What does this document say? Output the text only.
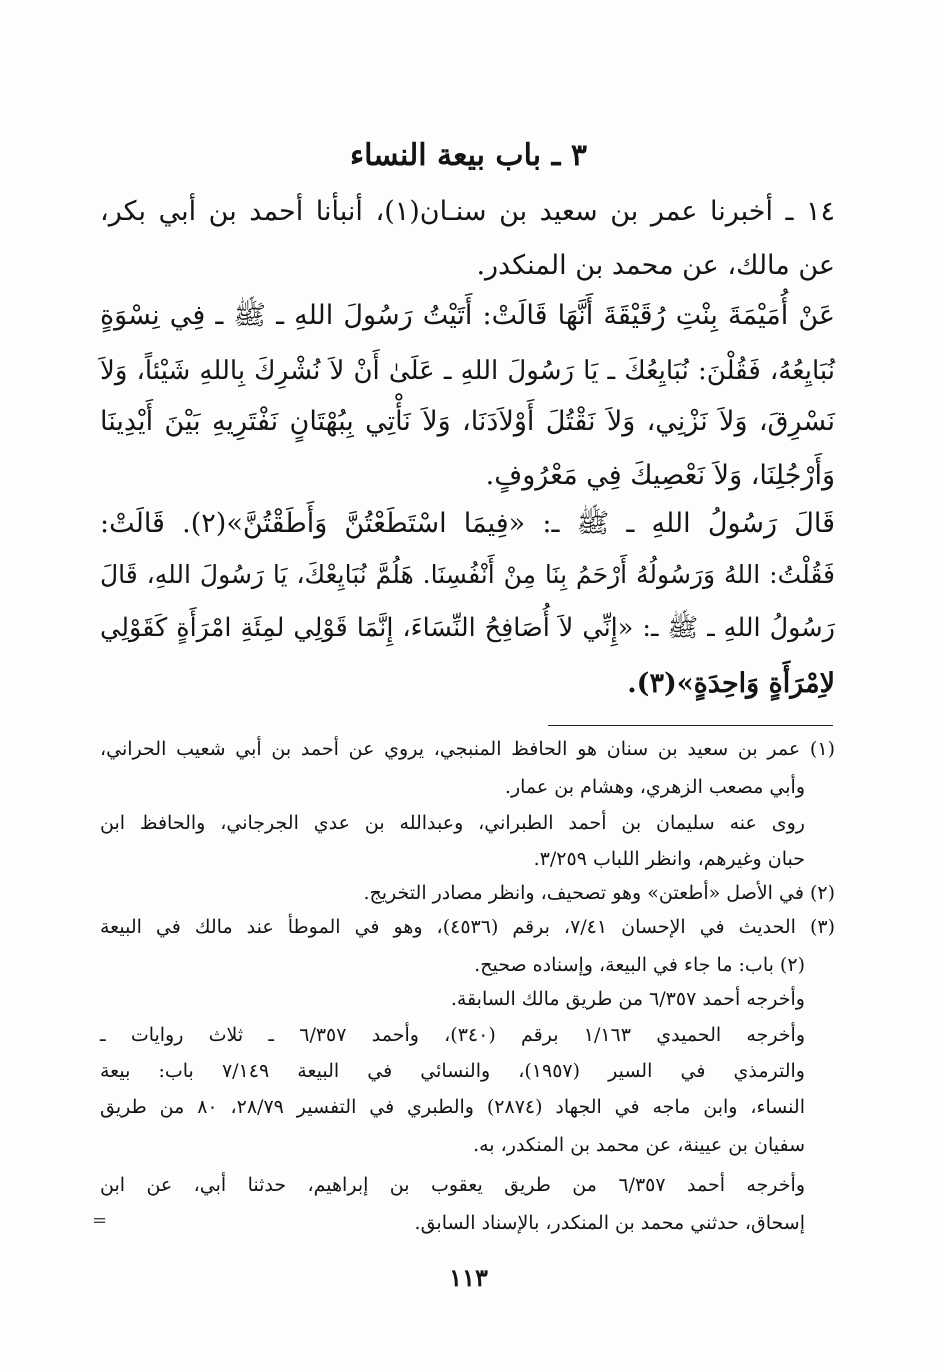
٣ ـ باب بيعة النساء
١٤ ـ أخبرنا عمر بن سعيد بن سنـان(١)، أنبأنا أحمد بن أبي بكر،
عن مالك، عن محمد بن المنكدر.
عَنْ أُمَيْمَةَ بِنْتِ رُقَيْقَةَ أَنَّهَا قَالَتْ: أَتَيْتُ رَسُولَ اللهِ ـ ﷺ ـ فِي نِسْوَةٍ
نُبَايِعُهُ، فَقُلْنَ: نُبَايِعُكَ ـ يَا رَسُولَ اللهِ ـ عَلَىٰ أَنْ لاَ نُشْرِكَ بِاللهِ شَيْئاً، وَلاَ
نَسْرِقَ، وَلاَ نَزْنِي، وَلاَ نَقْتُلَ أَوْلاَدَنَا، وَلاَ نَأْتِي بِبُهْتَانٍ نَفْتَرِيهِ بَيْنَ أَيْدِينَا
وَأَرْجُلِنَا، وَلاَ نَعْصِيكَ فِي مَعْرُوفٍ.
قَالَ رَسُولُ اللهِ ـ ﷺ ـ: «فِيمَا اسْتَطَعْتُنَّ وَأَطَقْتُنَّ»(٢). قَالَتْ:
فَقُلْتُ: اللهُ وَرَسُولُهُ أَرْحَمُ بِنَا مِنْ أَنْفُسِنَا. هَلُمَّ نُبَايِعْكَ، يَا رَسُولَ اللهِ، قَالَ
رَسُولُ اللهِ ـ ﷺ ـ: «إِنِّي لاَ أُصَافِحُ النِّسَاءَ، إِنَّمَا قَوْلِي لمِئَةِ امْرَأَةٍ كَقَوْلِي
لاِمْرَأَةٍ وَاحِدَةٍ»(٣).
(١) عمر بن سعيد بن سنان هو الحافظ المنبجي، يروي عن أحمد بن أبي شعيب الحراني،
وأبي مصعب الزهري، وهشام بن عمار.
روى عنه سليمان بن أحمد الطبراني، وعبدالله بن عدي الجرجاني، والحافظ ابن
حبان وغيرهم، وانظر اللباب ٣/٢٥٩.
(٢) في الأصل «أطعتن» وهو تصحيف، وانظر مصادر التخريج.
(٣) الحديث في الإحسان ٧/٤١، برقم (٤٥٣٦)، وهو في الموطأ عند مالك في البيعة
(٢) باب: ما جاء في البيعة، وإسناده صحيح.
وأخرجه أحمد ٦/٣٥٧ من طريق مالك السابقة.
وأخرجه الحميدي ١/١٦٣ برقم (٣٤٠)، وأحمد ٦/٣٥٧ ـ ثلاث روايات ـ
والترمذي في السير (١٩٥٧)، والنسائي في البيعة ٧/١٤٩ باب: بيعة
النساء، وابن ماجه في الجهاد (٢٨٧٤) والطبري في التفسير ٢٨/٧٩، ٨٠ من طريق
سفيان بن عيينة، عن محمد بن المنكدر، به.
وأخرجه أحمد ٦/٣٥٧ من طريق يعقوب بن إبراهيم، حدثنا أبي، عن ابن
إسحاق، حدثني محمد بن المنكدر، بالإسناد السابق.
=
١١٣
